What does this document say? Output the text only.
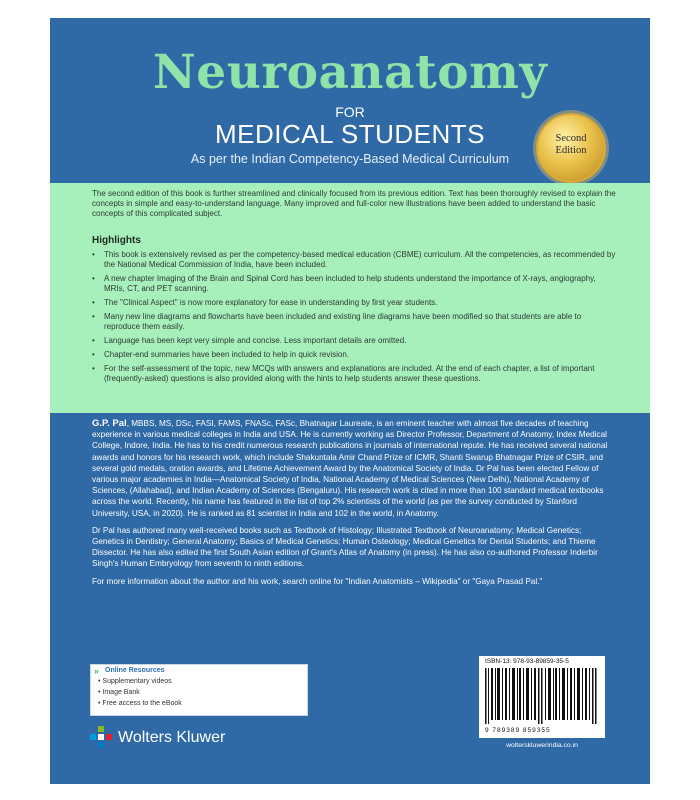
Neuroanatomy
FOR
MEDICAL STUDENTS
As per the Indian Competency-Based Medical Curriculum
Second
Edition
The second edition of this book is further streamlined and clinically focused from its previous edition. Text has been thoroughly revised to explain the concepts in simple and easy-to-understand language. Many improved and full-color new illustrations have been added to understand the basic concepts of this complicated subject.
Highlights
• This book is extensively revised as per the competency-based medical education (CBME) curriculum. All the competencies, as recommended by the National Medical Commission of India, have been included.
• A new chapter Imaging of the Brain and Spinal Cord has been included to help students understand the importance of X-rays, angiography, MRIs, CT, and PET scanning.
• The "Clinical Aspect" is now more explanatory for ease in understanding by first year students.
• Many new line diagrams and flowcharts have been included and existing line diagrams have been modified so that students are able to reproduce them easily.
• Language has been kept very simple and concise. Less important details are omitted.
• Chapter-end summaries have been included to help in quick revision.
• For the self-assessment of the topic, new MCQs with answers and explanations are included. At the end of each chapter, a list of important (frequently-asked) questions is also provided along with the hints to help students answer these questions.

G.P. Pal, MBBS, MS, DSc, FASI, FAMS, FNASc, FASc, Bhatnagar Laureate, is an eminent teacher with almost five decades of teaching experience in various medical colleges in India and USA. He is currently working as Director Professor, Department of Anatomy, Index Medical College, Indore, India. He has to his credit numerous research publications in journals of international repute. He has received several national awards and honors for his research work, which include Shakuntala Amir Chand Prize of ICMR, Shanti Swarup Bhatnagar Prize of CSIR, and several gold medals, oration awards, and Lifetime Achievement Award by the Anatomical Society of India. Dr Pal has been elected Fellow of various major academies in India—Anatomical Society of India, National Academy of Medical Sciences (New Delhi), National Academy of Sciences, (Allahabad), and Indian Academy of Sciences (Bengaluru). His research work is cited in more than 100 standard medical textbooks across the world. Recently, his name has featured in the list of top 2% scientists of the world (as per the survey conducted by Stanford University, USA, in 2020). He is ranked as 81 scientist in India and 102 in the world, in Anatomy.

Dr Pal has authored many well-received books such as Textbook of Histology; Illustrated Textbook of Neuroanatomy; Medical Genetics; Genetics in Dentistry; General Anatomy; Basics of Medical Genetics; Human Osteology; Medical Genetics for Dental Students; and Thieme Dissector. He has also edited the first South Asian edition of Grant's Atlas of Anatomy (in press). He has also co-authored Professor Inderbir Singh's Human Embryology from seventh to ninth editions.

For more information about the author and his work, search online for "Indian Anatomists – Wikipedia" or "Gaya Prasad Pal."

» Online Resources
• Supplementary videos
• Image Bank
• Free access to the eBook
Wolters Kluwer
ISBN-13: 978-93-89859-35-5
9 789389 859355
wolterskluwerindia.co.in
